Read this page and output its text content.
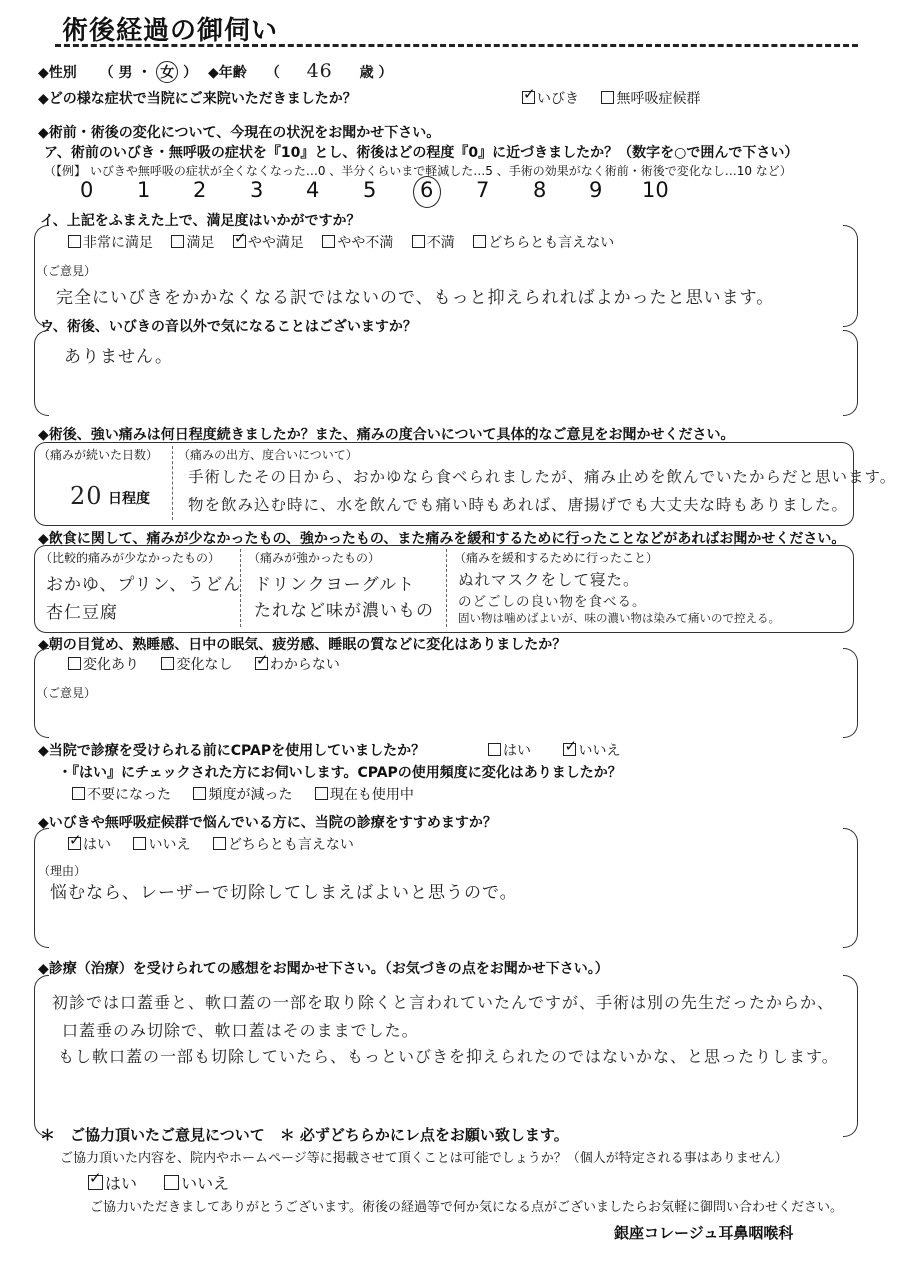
術後経過の御伺い
◆性別 （ 男 ・ 女 ） ◆年齢 （ 46 歳 ）
◆どの様な症状で当院にご来院いただきましたか？ ✓	いびき	無呼吸症候群
◆術前・術後の変化について、今現在の状況をお聞かせ下さい。
ア、術前のいびき・無呼吸の症状を『10』とし、術後はどの程度『0』に近づきましたか？（数字を○で囲んで下さい）
（【例】 いびきや無呼吸の症状が全くなくなった…0 、半分くらいまで軽減した…5 、手術の効果がなく術前・術後で変化なし…10 など）
0 1 2 3 4 5 6 7 8 9 10
イ、上記をふまえた上で、満足度はいかがですか？
非常に満足 満足 ✓ やや満足 やや不満 不満 どちらとも言えない
（ご意見）
完全にいびきをかかなくなる訳ではないので、もっと抑えられればよかったと思います。
ウ、術後、いびきの音以外で気になることはございますか？
ありません。
◆術後、強い痛みは何日程度続きましたか？また、痛みの度合いについて具体的なご意見をお聞かせください。
（痛みが続いた日数）
20 日程度
（痛みの出方、度合いについて）
手術したその日から、おかゆなら食べられましたが、痛み止めを飲んでいたからだと思います。
物を飲み込む時に、水を飲んでも痛い時もあれば、唐揚げでも大丈夫な時もありました。
◆飲食に関して、痛みが少なかったもの、強かったもの、また痛みを緩和するために行ったことなどがあればお聞かせください。
（比較的痛みが少なかったもの）
おかゆ、プリン、うどん
杏仁豆腐
（痛みが強かったもの）
ドリンクヨーグルト
たれなど味が濃いもの
（痛みを緩和するために行ったこと）
ぬれマスクをして寝た。
のどごしの良い物を食べる。
固い物は噛めばよいが、味の濃い物は染みて痛いので控える。
◆朝の目覚め、熟睡感、日中の眠気、疲労感、睡眠の質などに変化はありましたか？
変化あり	変化なし ✓	わからない
（ご意見）
◆当院で診療を受けられる前にCPAPを使用していましたか？	はい ✓	いいえ
・『はい』にチェックされた方にお伺いします。CPAPの使用頻度に変化はありましたか？
不要になった	頻度が減った	現在も使用中
◆いびきや無呼吸症候群で悩んでいる方に、当院の診療をすすめますか？
✓はい	いいえ	どちらとも言えない
（理由）
悩むなら、レーザーで切除してしまえばよいと思うので。
◆診療（治療）を受けられての感想をお聞かせ下さい。（お気づきの点をお聞かせ下さい。）
初診では口蓋垂と、軟口蓋の一部を取り除くと言われていたんですが、手術は別の先生だったからか、
口蓋垂のみ切除で、軟口蓋はそのままでした。
もし軟口蓋の一部も切除していたら、もっといびきを抑えられたのではないかな、と思ったりします。
＊　ご協力頂いたご意見について　＊ 必ずどちらかにレ点をお願い致します。
ご協力頂いた内容を、院内やホームページ等に掲載させて頂くことは可能でしょうか？（個人が特定される事はありません）
✓はい	いいえ
ご協力いただきましてありがとうございます。術後の経過等で何か気になる点がございましたらお気軽に御問い合わせください。
銀座コレージュ耳鼻咽喉科
